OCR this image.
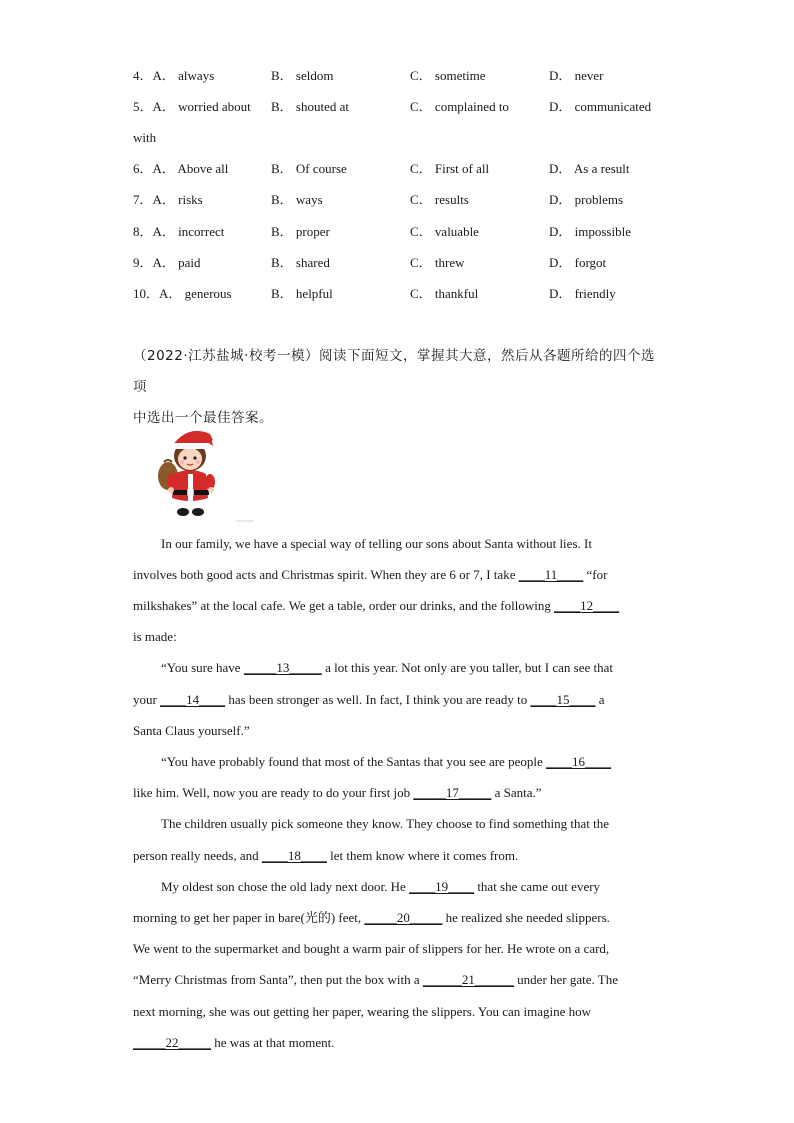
4．A． always	B． seldom	C． sometime	D． never
5．A． worried about B． shouted at	C． complained to	D． communicated
with
6．A． Above all	B． Of course	C． First of all	D． As a result
7．A． risks	B． ways	C． results	D． problems
8．A． incorrect	B． proper	C． valuable	D． impossible
9．A． paid	B． shared	C． threw	D． forgot
10．A． generous	B． helpful	C． thankful	D． friendly
（2022·江苏盐城·校考一模）阅读下面短文，掌握其大意，然后从各题所给的四个选项
中选出一个最佳答案。
www.zxxk
In our family, we have a special way of telling our sons about Santa without lies. It
involves both good acts and Christmas spirit. When they are 6 or 7, I take ____11____ “for
milkshakes” at the local cafe. We get a table, order our drinks, and the following ____12____
is made:
“You sure have _____13_____ a lot this year. Not only are you taller, but I can see that
your ____14____ has been stronger as well. In fact, I think you are ready to ____15____ a
Santa Claus yourself.”
“You have probably found that most of the Santas that you see are people ____16____
like him. Well, now you are ready to do your first job _____17_____ a Santa.”
The children usually pick someone they know. They choose to find something that the
person really needs, and ____18____ let them know where it comes from.
My oldest son chose the old lady next door. He ____19____ that she came out every
morning to get her paper in bare(光的) feet, _____20_____ he realized she needed slippers.
We went to the supermarket and bought a warm pair of slippers for her. He wrote on a card,
“Merry Christmas from Santa”, then put the box with a ______21______ under her gate. The
next morning, she was out getting her paper, wearing the slippers. You can imagine how
_____22_____ he was at that moment.
